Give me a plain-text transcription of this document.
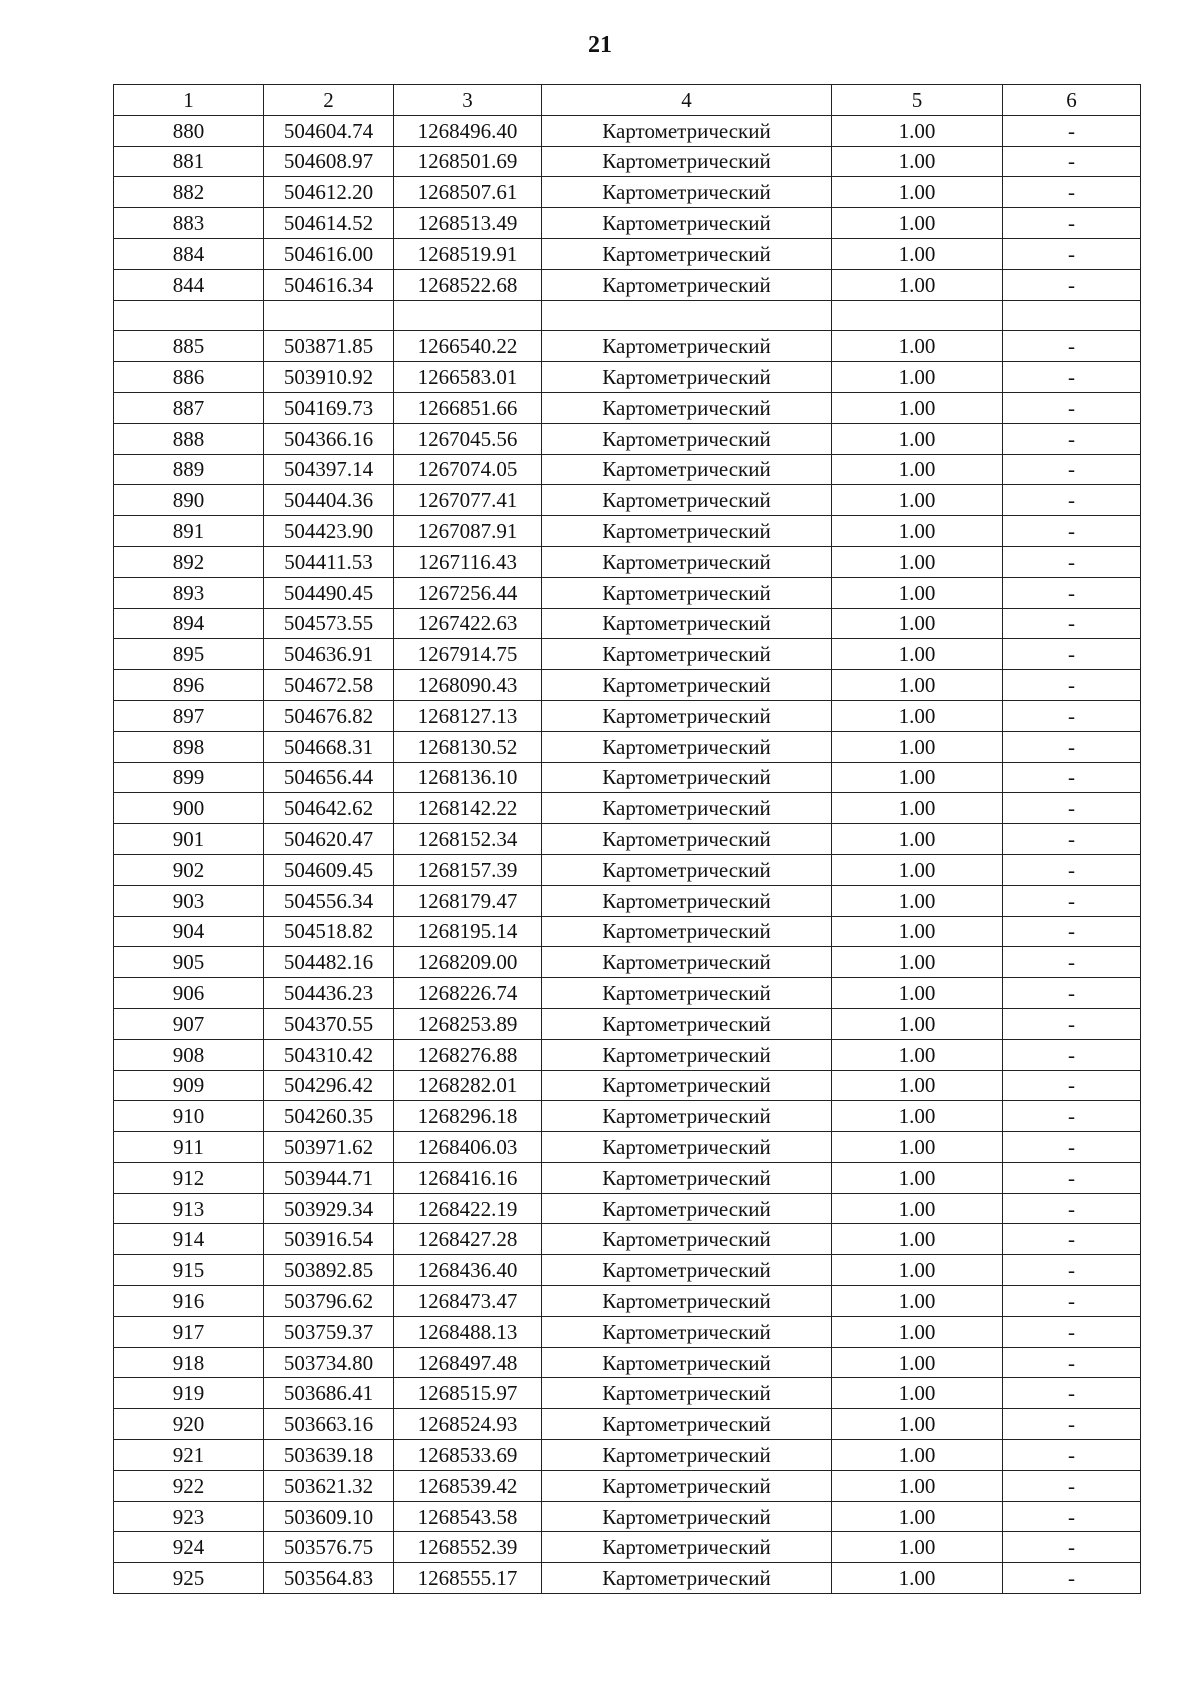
21
1	2	3	4	5	6
880	504604.74	1268496.40	Картометрический	1.00	-
881	504608.97	1268501.69	Картометрический	1.00	-
882	504612.20	1268507.61	Картометрический	1.00	-
883	504614.52	1268513.49	Картометрический	1.00	-
884	504616.00	1268519.91	Картометрический	1.00	-
844	504616.34	1268522.68	Картометрический	1.00	-

885	503871.85	1266540.22	Картометрический	1.00	-
886	503910.92	1266583.01	Картометрический	1.00	-
887	504169.73	1266851.66	Картометрический	1.00	-
888	504366.16	1267045.56	Картометрический	1.00	-
889	504397.14	1267074.05	Картометрический	1.00	-
890	504404.36	1267077.41	Картометрический	1.00	-
891	504423.90	1267087.91	Картометрический	1.00	-
892	504411.53	1267116.43	Картометрический	1.00	-
893	504490.45	1267256.44	Картометрический	1.00	-
894	504573.55	1267422.63	Картометрический	1.00	-
895	504636.91	1267914.75	Картометрический	1.00	-
896	504672.58	1268090.43	Картометрический	1.00	-
897	504676.82	1268127.13	Картометрический	1.00	-
898	504668.31	1268130.52	Картометрический	1.00	-
899	504656.44	1268136.10	Картометрический	1.00	-
900	504642.62	1268142.22	Картометрический	1.00	-
901	504620.47	1268152.34	Картометрический	1.00	-
902	504609.45	1268157.39	Картометрический	1.00	-
903	504556.34	1268179.47	Картометрический	1.00	-
904	504518.82	1268195.14	Картометрический	1.00	-
905	504482.16	1268209.00	Картометрический	1.00	-
906	504436.23	1268226.74	Картометрический	1.00	-
907	504370.55	1268253.89	Картометрический	1.00	-
908	504310.42	1268276.88	Картометрический	1.00	-
909	504296.42	1268282.01	Картометрический	1.00	-
910	504260.35	1268296.18	Картометрический	1.00	-
911	503971.62	1268406.03	Картометрический	1.00	-
912	503944.71	1268416.16	Картометрический	1.00	-
913	503929.34	1268422.19	Картометрический	1.00	-
914	503916.54	1268427.28	Картометрический	1.00	-
915	503892.85	1268436.40	Картометрический	1.00	-
916	503796.62	1268473.47	Картометрический	1.00	-
917	503759.37	1268488.13	Картометрический	1.00	-
918	503734.80	1268497.48	Картометрический	1.00	-
919	503686.41	1268515.97	Картометрический	1.00	-
920	503663.16	1268524.93	Картометрический	1.00	-
921	503639.18	1268533.69	Картометрический	1.00	-
922	503621.32	1268539.42	Картометрический	1.00	-
923	503609.10	1268543.58	Картометрический	1.00	-
924	503576.75	1268552.39	Картометрический	1.00	-
925	503564.83	1268555.17	Картометрический	1.00	-
